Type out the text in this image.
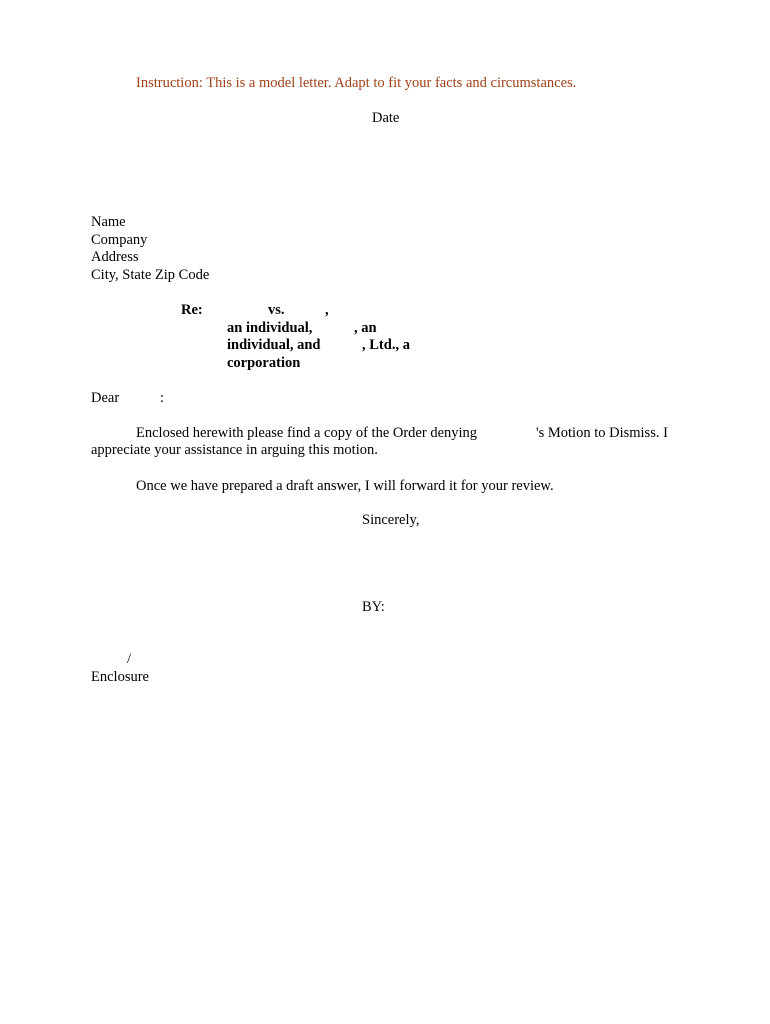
Instruction: This is a model letter. Adapt to fit your facts and circumstances.
Date
Name
Company
Address
City, State Zip Code
Re:	vs.	,
an individual,	, an
individual, and	, Ltd., a
corporation
Dear	:
Enclosed herewith please find a copy of the Order denying	's Motion to Dismiss. I
appreciate your assistance in arguing this motion.
Once we have prepared a draft answer, I will forward it for your review.
Sincerely,
BY:
/
Enclosure
